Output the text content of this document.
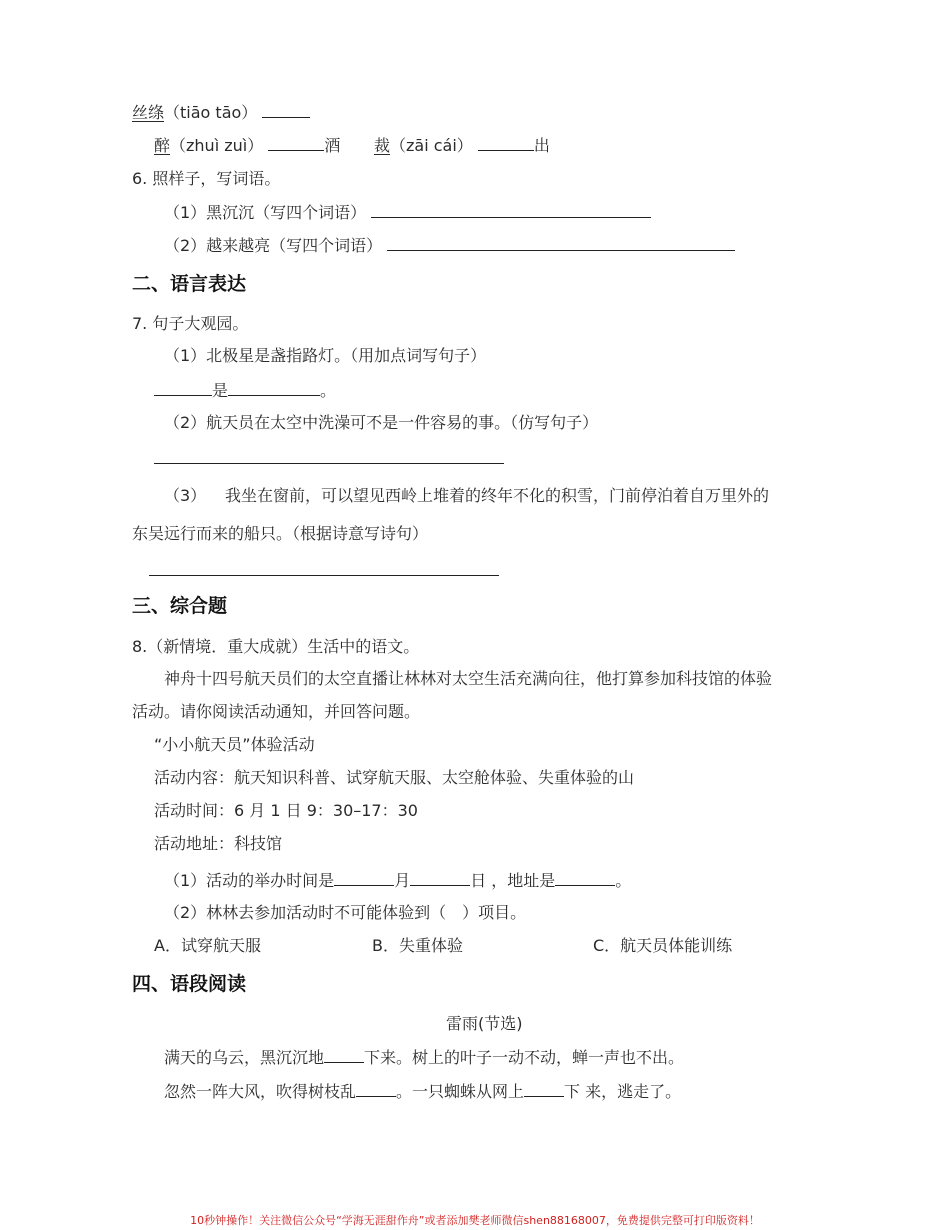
丝绦（tiāo tāo）
醉（zhuì zuì）	酒 裁（zāi cái）	出
6. 照样子，写词语。
（1）黑沉沉（写四个词语）
（2）越来越亮（写四个词语）
二、语言表达
7. 句子大观园。
（1）北极星是盏指路灯。（用加点词写句子）
是	。
（2）航天员在太空中洗澡可不是一件容易的事。（仿写句子）
（3） 我坐在窗前，可以望见西岭上堆着的终年不化的积雪，门前停泊着自万里外的
东吴远行而来的船只。（根据诗意写诗句）
三、综合题
8.（新情境．重大成就）生活中的语文。
神舟十四号航天员们的太空直播让林林对太空生活充满向往，他打算参加科技馆的体验
活动。请你阅读活动通知，并回答问题。
“小小航天员”体验活动
活动内容：航天知识科普、试穿航天服、太空舱体验、失重体验的山
活动时间：6 月 1 日 9：30–17：30
活动地址：科技馆
（1）活动的举办时间是	月	日 ，地址是	。
（2）林林去参加活动时不可能体验到（　）项目。
A．试穿航天服	B．失重体验	C．航天员体能训练
四、语段阅读
雷雨(节选)
满天的乌云，黑沉沉地	下来。树上的叶子一动不动，蝉一声也不出。
忽然一阵大风，吹得树枝乱	。一只蜘蛛从网上	下 来，逃走了。
10秒钟操作！关注微信公众号“学海无涯甜作舟”或者添加樊老师微信shen88168007，免费提供完整可打印版资料！
